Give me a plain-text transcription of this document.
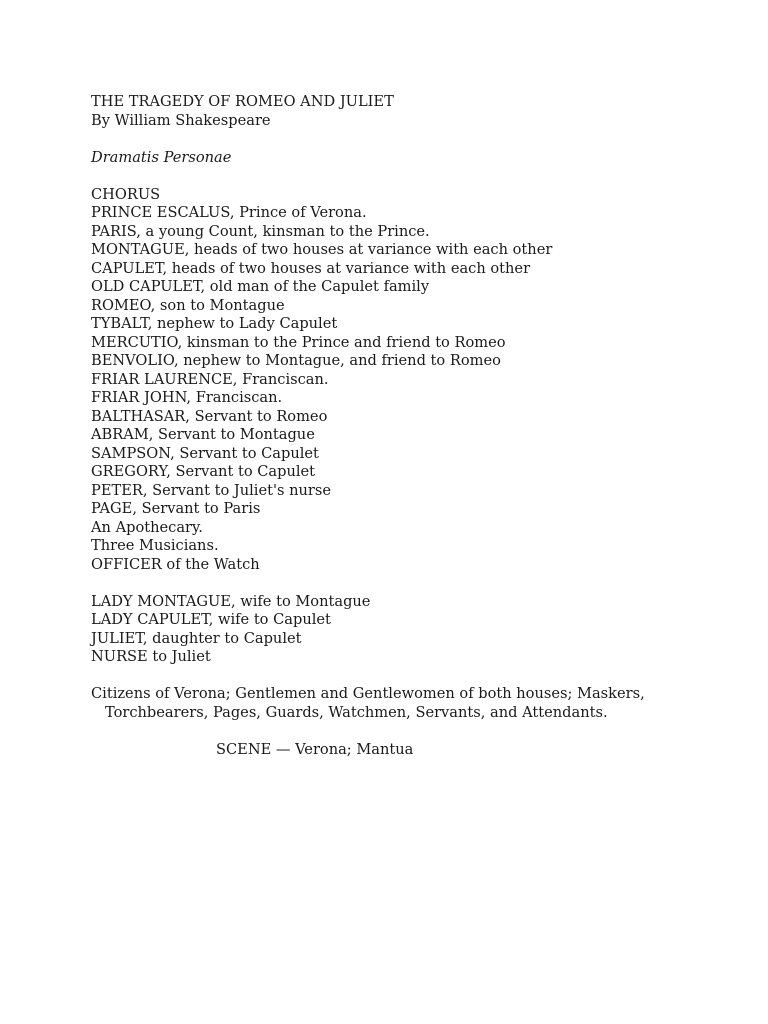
THE TRAGEDY OF ROMEO AND JULIET
By William Shakespeare
Dramatis Personae
CHORUS
PRINCE ESCALUS, Prince of Verona.
PARIS, a young Count, kinsman to the Prince.
MONTAGUE, heads of two houses at variance with each other
CAPULET, heads of two houses at variance with each other
OLD CAPULET, old man of the Capulet family
ROMEO, son to Montague
TYBALT, nephew to Lady Capulet
MERCUTIO, kinsman to the Prince and friend to Romeo
BENVOLIO, nephew to Montague, and friend to Romeo
FRIAR LAURENCE, Franciscan.
FRIAR JOHN, Franciscan.
BALTHASAR, Servant to Romeo
ABRAM, Servant to Montague
SAMPSON, Servant to Capulet
GREGORY, Servant to Capulet
PETER, Servant to Juliet's nurse
PAGE, Servant to Paris
An Apothecary.
Three Musicians.
OFFICER of the Watch
LADY MONTAGUE, wife to Montague
LADY CAPULET, wife to Capulet
JULIET, daughter to Capulet
NURSE to Juliet
Citizens of Verona; Gentlemen and Gentlewomen of both houses; Maskers,
Torchbearers, Pages, Guards, Watchmen, Servants, and Attendants.
SCENE — Verona; Mantua
